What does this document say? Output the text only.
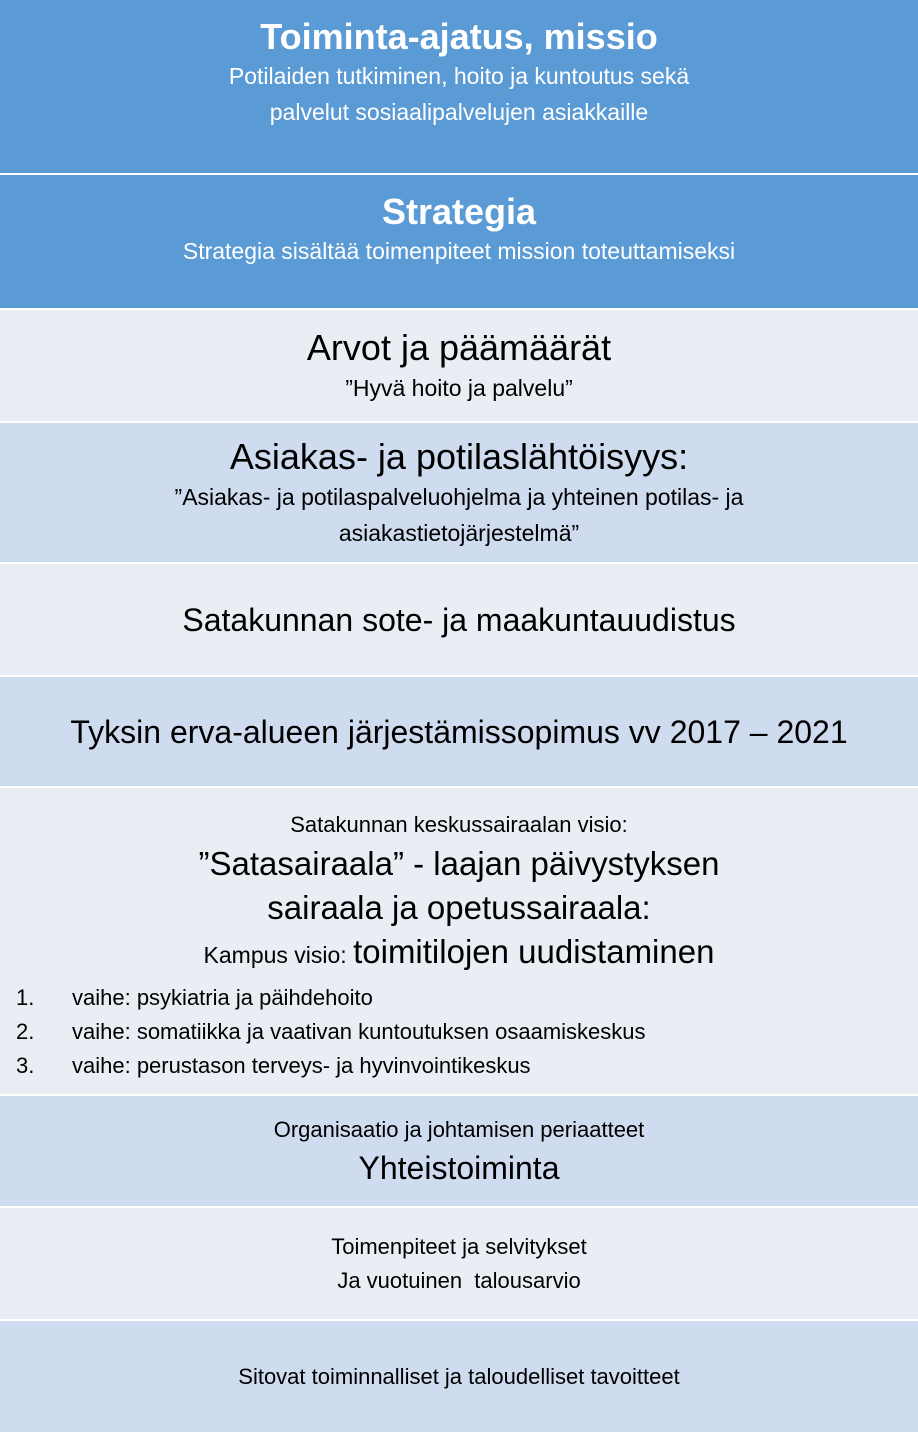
Toiminta-ajatus, missio
Potilaiden tutkiminen, hoito ja kuntoutus sekä
palvelut sosiaalipalvelujen asiakkaille
Strategia
Strategia sisältää toimenpiteet mission toteuttamiseksi
Arvot ja päämäärät
”Hyvä hoito ja palvelu”
Asiakas- ja potilaslähtöisyys:
”Asiakas- ja potilaspalveluohjelma ja yhteinen potilas- ja
asiakastietojärjestelmä”
Satakunnan sote- ja maakuntauudistus
Tyksin erva-alueen järjestämissopimus vv 2017 – 2021
Satakunnan keskussairaalan visio:
”Satasairaala” - laajan päivystyksen
sairaala ja opetussairaala:
Kampus visio: toimitilojen uudistaminen
1.	vaihe: psykiatria ja päihdehoito
2.	vaihe: somatiikka ja vaativan kuntoutuksen osaamiskeskus
3.	vaihe: perustason terveys- ja hyvinvointikeskus
Organisaatio ja johtamisen periaatteet
Yhteistoiminta
Toimenpiteet ja selvitykset
Ja vuotuinen  talousarvio
Sitovat toiminnalliset ja taloudelliset tavoitteet
